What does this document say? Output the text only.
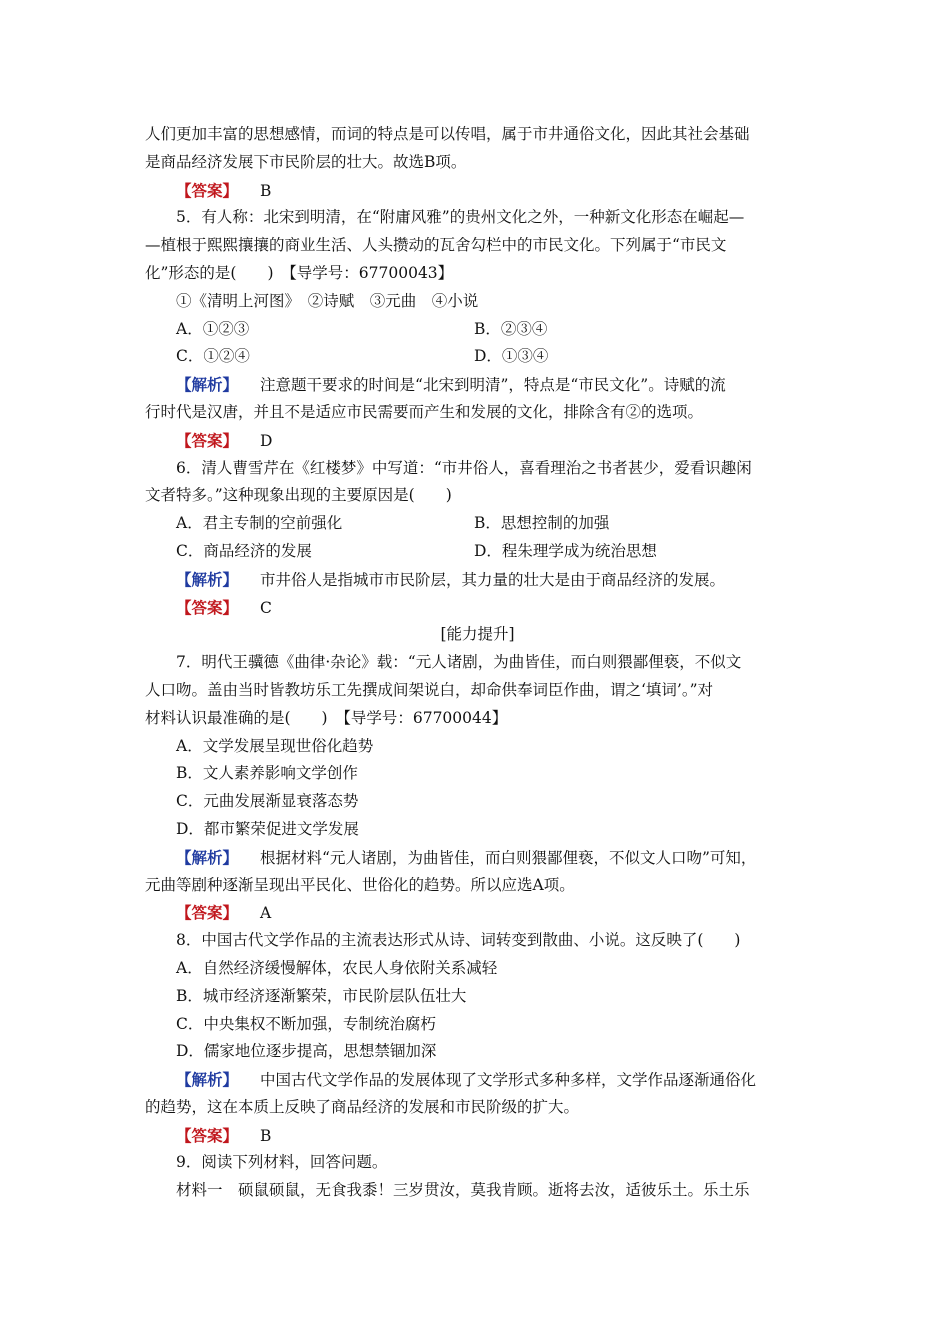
人们更加丰富的思想感情，而词的特点是可以传唱，属于市井通俗文化，因此其社会基础
是商品经济发展下市民阶层的壮大。故选B项。
【答案】 B
5．有人称：北宋到明清，在“附庸风雅”的贵州文化之外，一种新文化形态在崛起—
—植根于熙熙攘攘的商业生活、人头攒动的瓦舍勾栏中的市民文化。下列属于“市民文
化”形态的是(　　)　【导学号：67700043】
①《清明上河图》　②诗赋　③元曲　④小说
A．①②③	B．②③④
C．①②④	D．①③④
【解析】 注意题干要求的时间是“北宋到明清”，特点是“市民文化”。诗赋的流
行时代是汉唐，并且不是适应市民需要而产生和发展的文化，排除含有②的选项。
【答案】 D
6．清人曹雪芹在《红楼梦》中写道：“市井俗人，喜看理治之书者甚少，爱看识趣闲
文者特多。”这种现象出现的主要原因是(　　)
A．君主专制的空前强化	B．思想控制的加强
C．商品经济的发展	D．程朱理学成为统治思想
【解析】 市井俗人是指城市市民阶层，其力量的壮大是由于商品经济的发展。
【答案】 C
[能力提升]
7．明代王骥德《曲律·杂论》载：“元人诸剧，为曲皆佳，而白则猥鄙俚亵，不似文
人口吻。盖由当时皆教坊乐工先撰成间架说白，却命供奉词臣作曲，谓之‘填词’。”对
材料认识最准确的是(　　)　【导学号：67700044】
A．文学发展呈现世俗化趋势
B．文人素养影响文学创作
C．元曲发展渐显衰落态势
D．都市繁荣促进文学发展
【解析】 根据材料“元人诸剧，为曲皆佳，而白则猥鄙俚亵，不似文人口吻”可知，
元曲等剧种逐渐呈现出平民化、世俗化的趋势。所以应选A项。
【答案】 A
8．中国古代文学作品的主流表达形式从诗、词转变到散曲、小说。这反映了(　　)
A．自然经济缓慢解体，农民人身依附关系减轻
B．城市经济逐渐繁荣，市民阶层队伍壮大
C．中央集权不断加强，专制统治腐朽
D．儒家地位逐步提高，思想禁锢加深
【解析】 中国古代文学作品的发展体现了文学形式多种多样，文学作品逐渐通俗化
的趋势，这在本质上反映了商品经济的发展和市民阶级的扩大。
【答案】 B
9．阅读下列材料，回答问题。
材料一　硕鼠硕鼠，无食我黍！三岁贯汝，莫我肯顾。逝将去汝，适彼乐土。乐土乐
